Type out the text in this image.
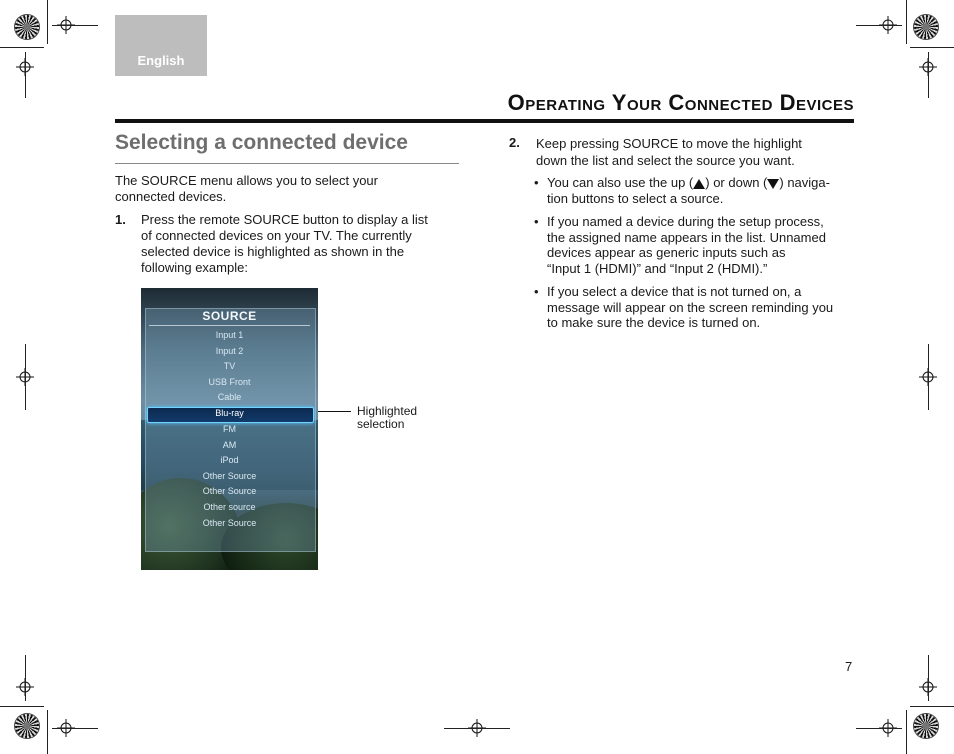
English
Operating Your Connected Devices
Selecting a connected device
The SOURCE menu allows you to select your connected devices.
1. Press the remote SOURCE button to display a list
of connected devices on your TV. The currently
selected device is highlighted as shown in the
following example:
SOURCE
Input 1
Input 2
TV
USB Front
Cable
Blu-ray
FM
AM
iPod
Other Source
Other Source
Other source
Other Source
Highlighted
selection
2. Keep pressing SOURCE to move the highlight
down the list and select the source you want.
• You can also use the up ( ) or down ( ) naviga-
tion buttons to select a source.
• If you named a device during the setup process,
the assigned name appears in the list. Unnamed
devices appear as generic inputs such as
“Input 1 (HDMI)” and “Input 2 (HDMI).”
• If you select a device that is not turned on, a
message will appear on the screen reminding you
to make sure the device is turned on.
7
